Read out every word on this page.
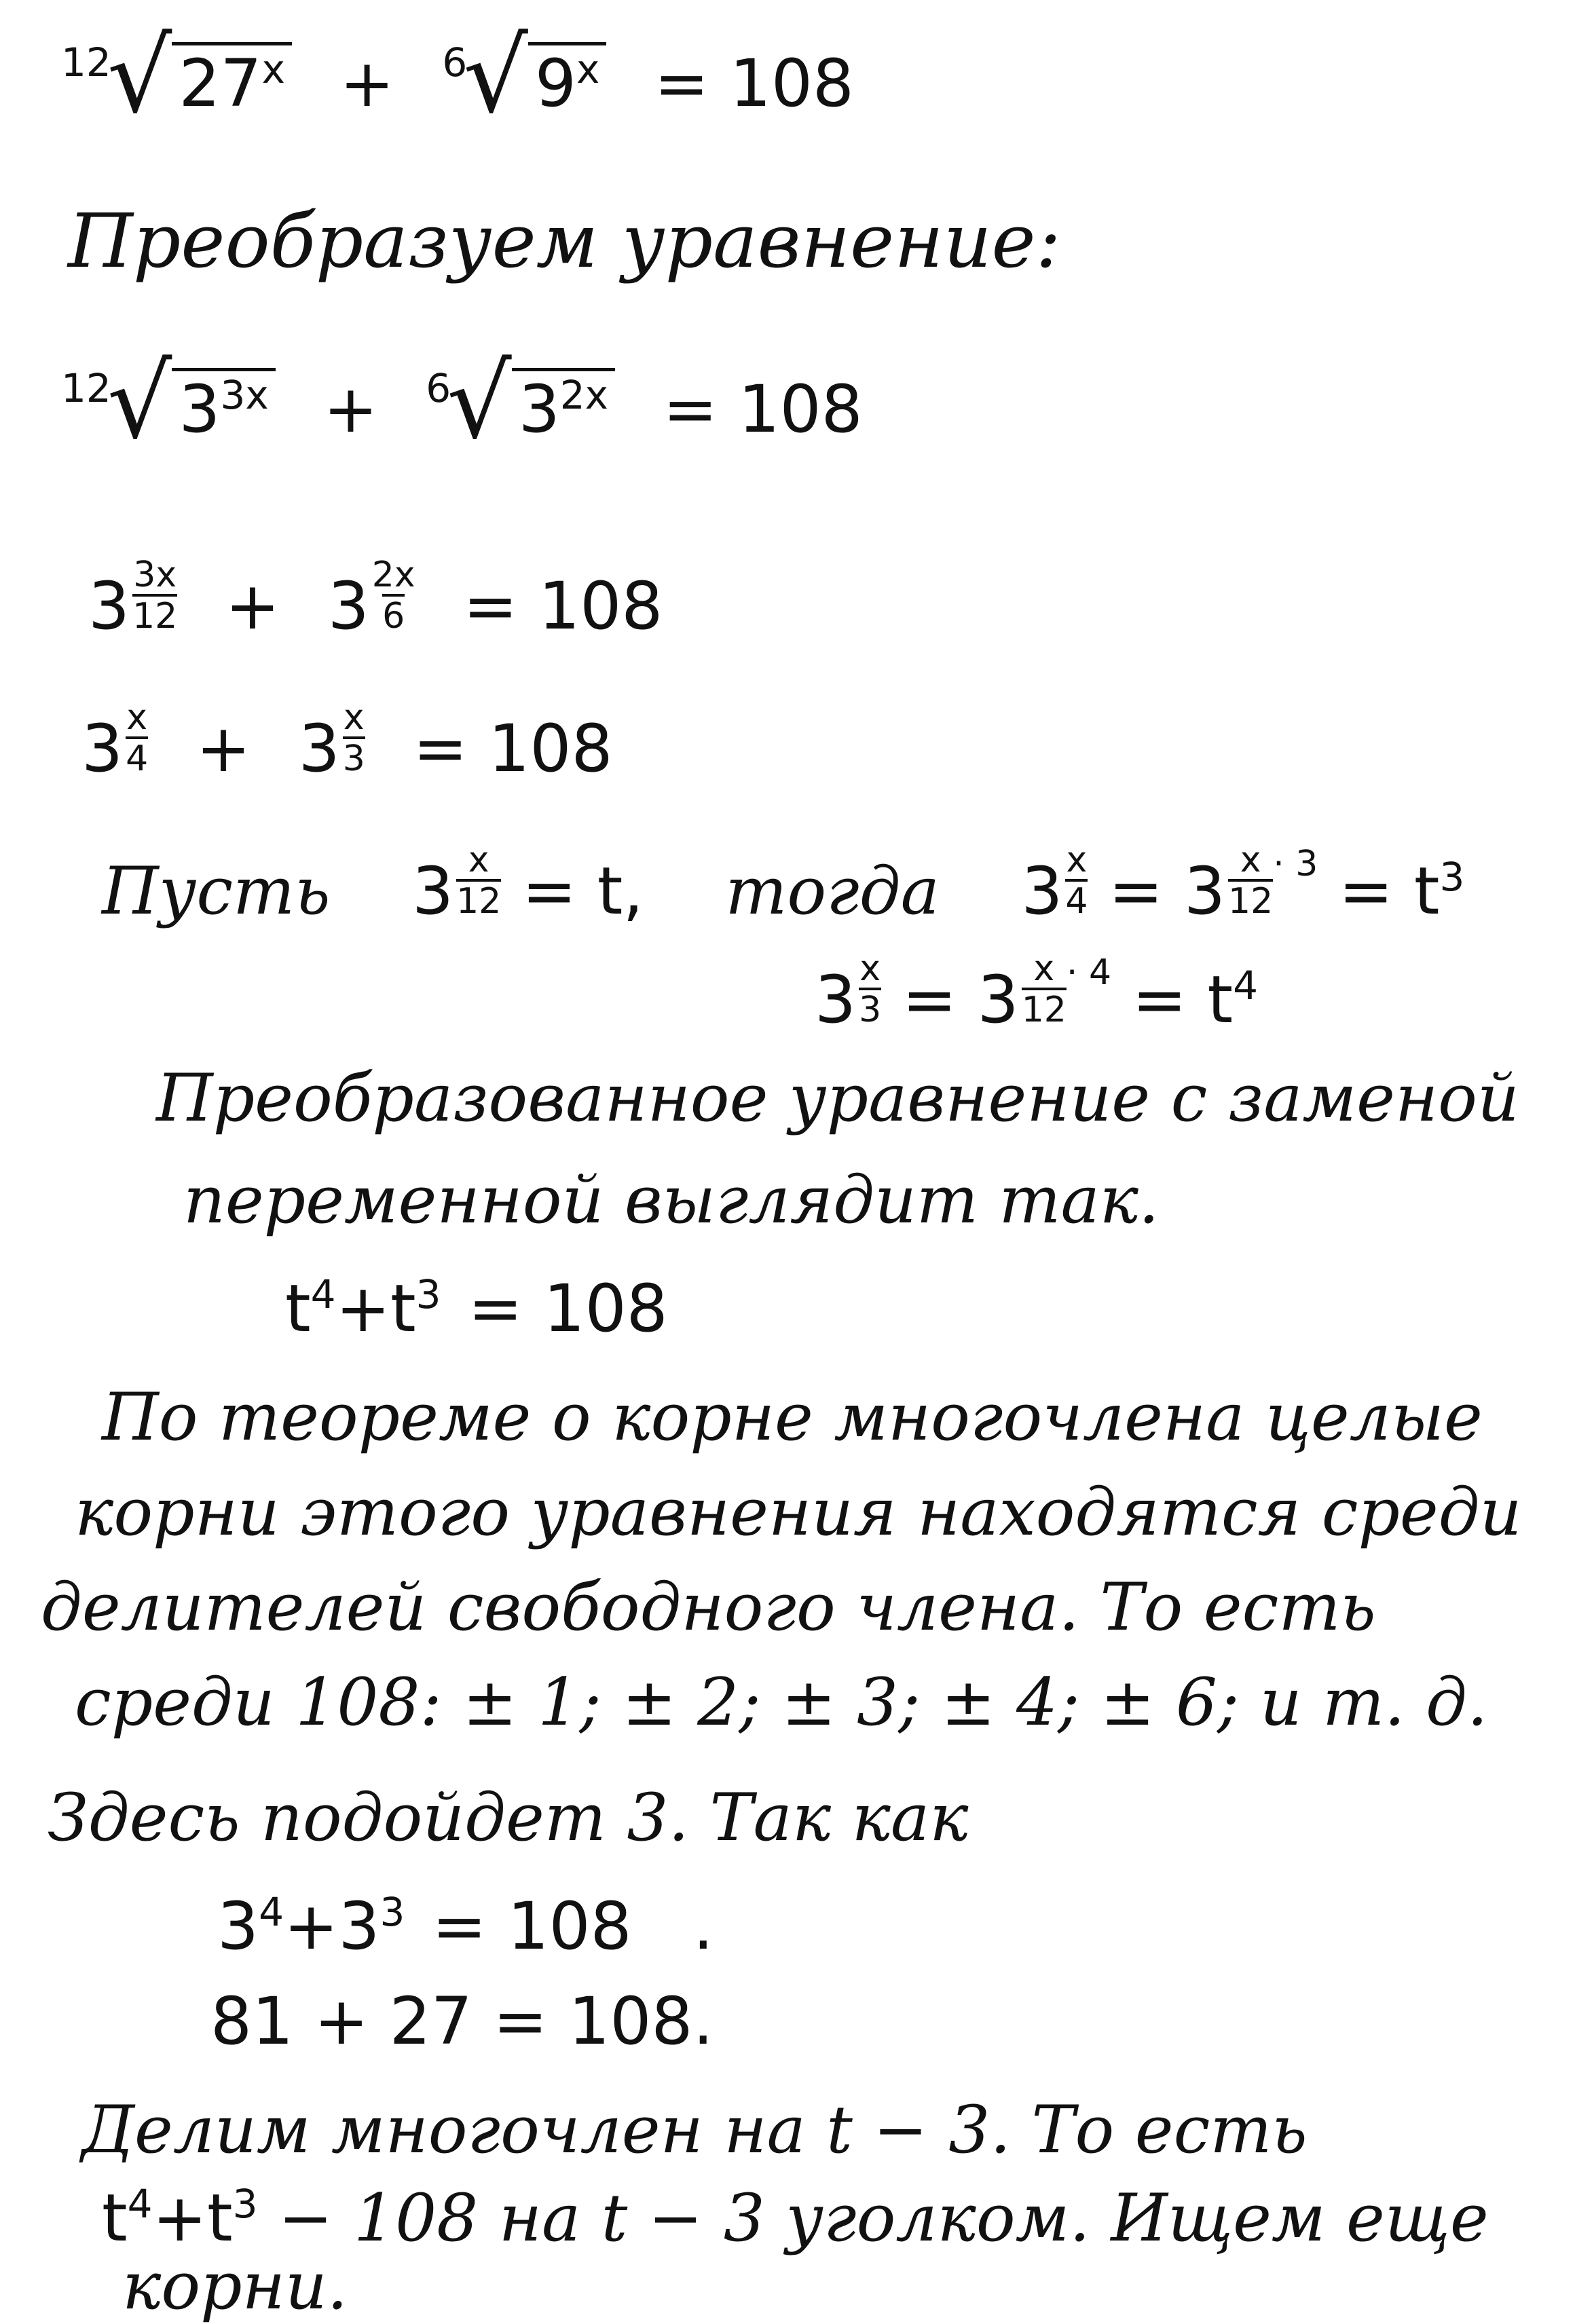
$^{12}$√ $27^x + ^6√$ $9^x = 108$
Преобразуем уравнение:
$^{12}$√ $3^{3x} + ^6√$ $3^{2x} = 108$
$3 \frac{3x}{12} + 3 \frac{2x}{6} = 108$
$3 \frac{x}{4} + 3 \frac{x}{3} = 108$
Пусть $3 \frac{x}{12} = t$, тогда $3 \frac{x}{4} = 3 \frac{x}{12} ^{\cdot 3} = t^3$
$3 \frac{x}{3} = 3 \frac{x}{12} ^{\cdot 4} = t^4$
Преобразованное уравнение с заменой
переменной выглядит так.
$t^4+t^3 = 108$
По теореме о корне многочлена целые
корни этого уравнения находятся среди
делителей свободного члена. То есть
среди 108: ± 1; ± 2; ± 3; ± 4; ± 6; и т. д.
Здесь подойдет 3. Так как
$3^4+3^3 = 108$ .
81 + 27 = 108.
Делим многочлен на t − 3. То есть
$t^4+t^3 - 108$ на t − 3 уголком. Ищем еще
корни.
